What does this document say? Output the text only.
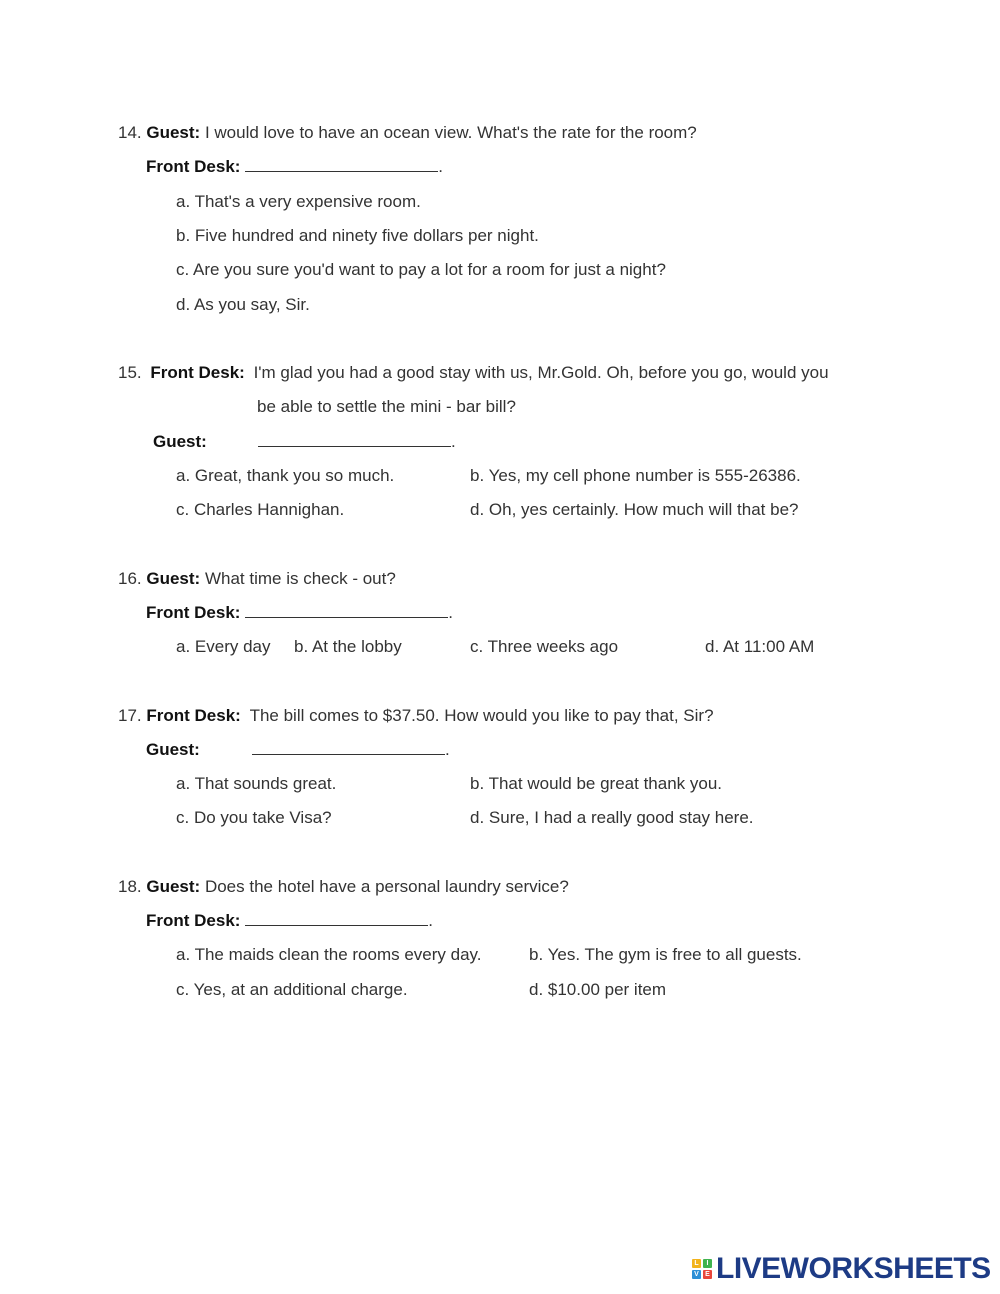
14. Guest: I would love to have an ocean view. What's the rate for the room?
Front Desk:	.
a. That's a very expensive room.
b. Five hundred and ninety five dollars per night.
c. Are you sure you'd want to pay a lot for a room for just a night?
d. As you say, Sir.
15. Front Desk: I'm glad you had a good stay with us, Mr.Gold. Oh, before you go, would you
be able to settle the mini - bar bill?
Guest:	.
a. Great, thank you so much.	b. Yes, my cell phone number is 555-26386.
c. Charles Hannighan.	d. Oh, yes certainly. How much will that be?
16. Guest: What time is check - out?
Front Desk:	.
a. Every day b. At the lobby	c. Three weeks ago	d. At 11:00 AM
17. Front Desk: The bill comes to $37.50. How would you like to pay that, Sir?
Guest:	.
a. That sounds great.	b. That would be great thank you.
c. Do you take Visa?	d. Sure, I had a really good stay here.
18. Guest: Does the hotel have a personal laundry service?
Front Desk:	.
a. The maids clean the rooms every day.	b. Yes. The gym is free to all guests.
c. Yes, at an additional charge.	d. $10.00 per item
L	I
V E LIVEWORKSHEETS
